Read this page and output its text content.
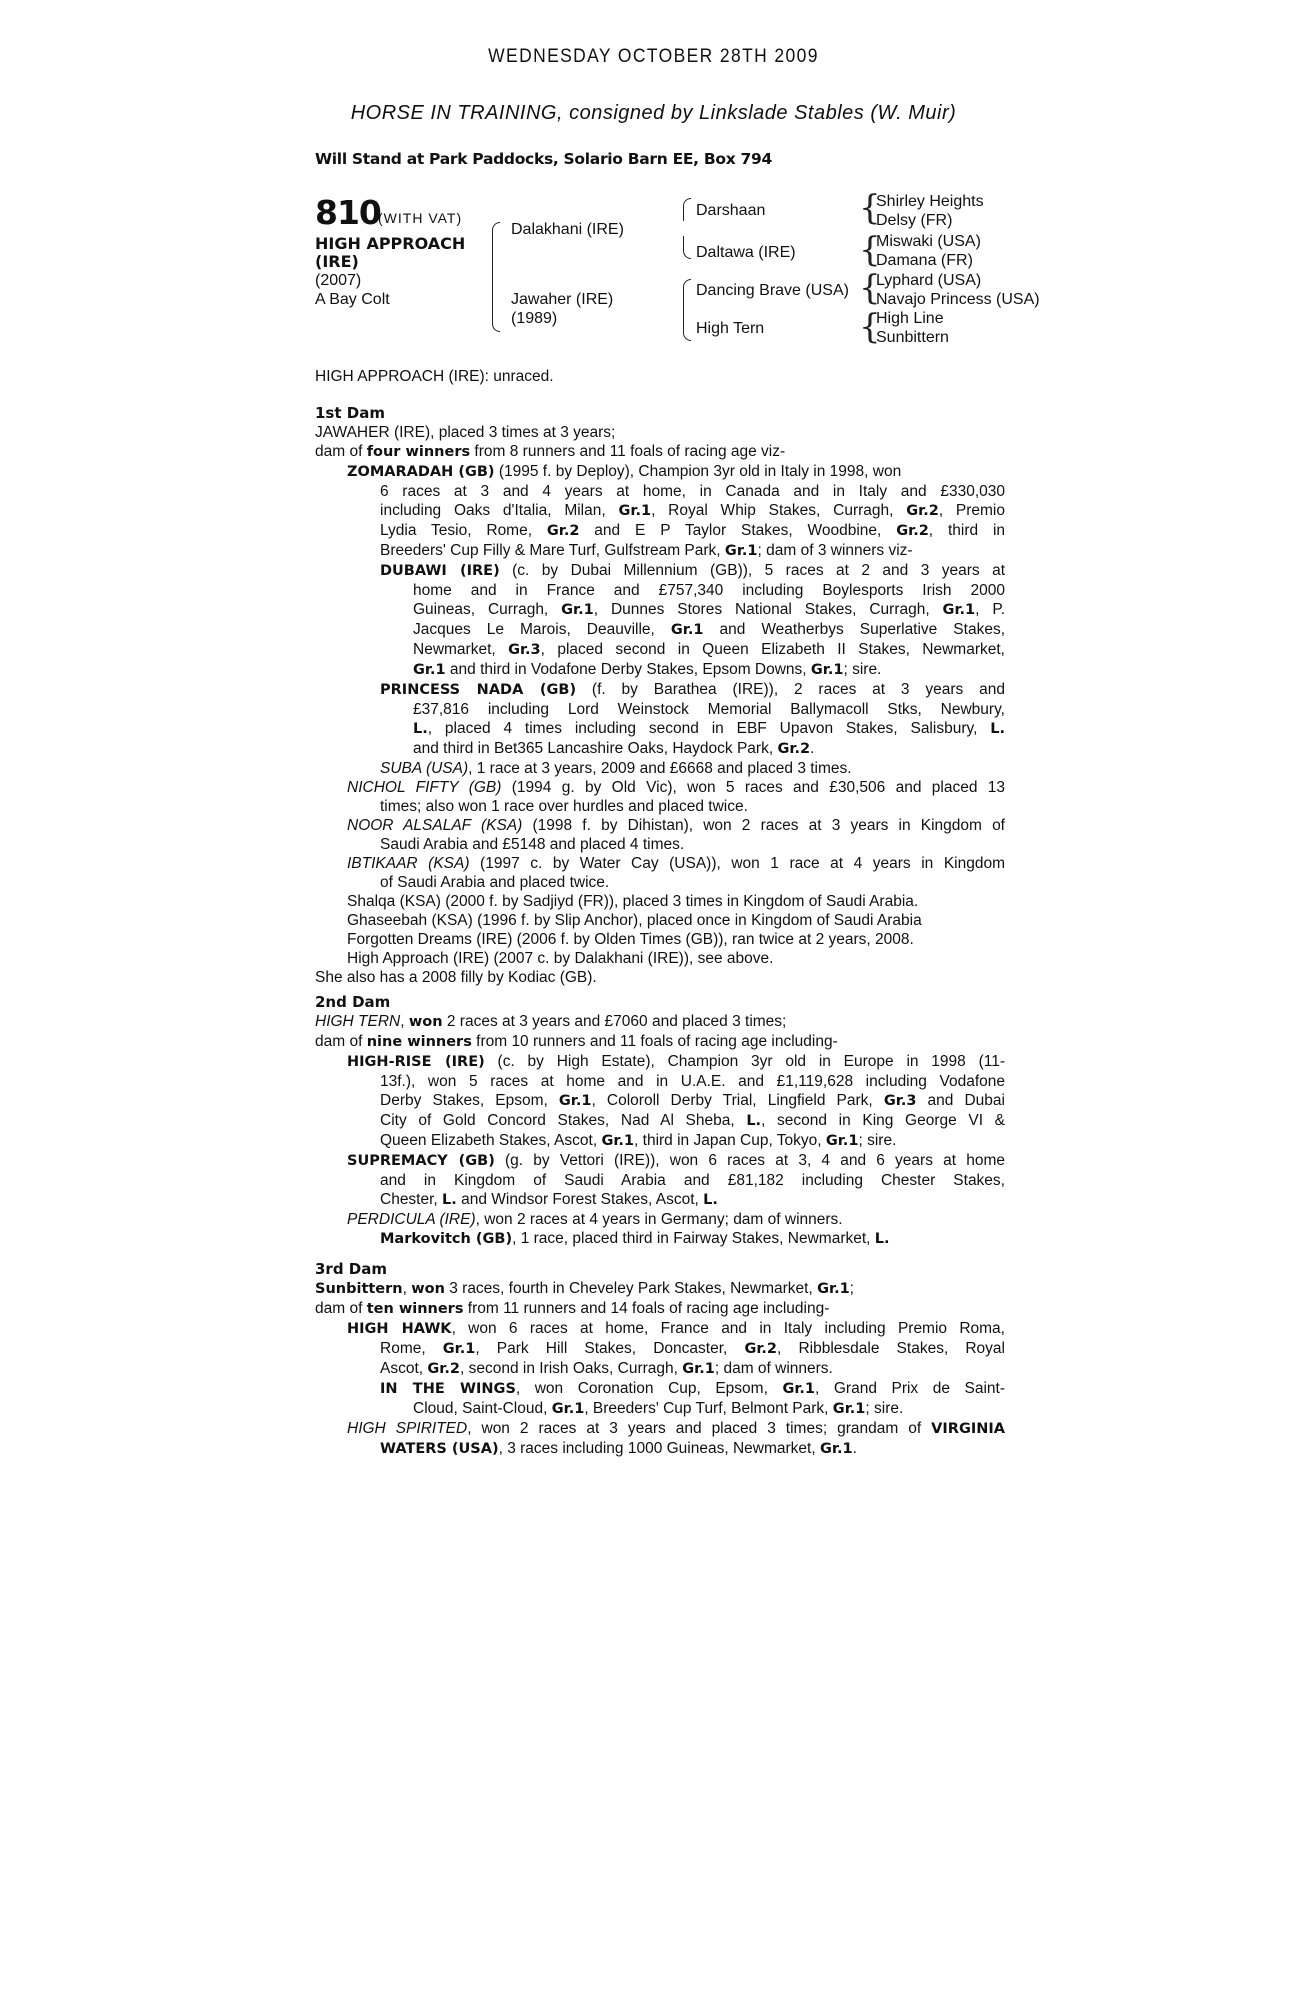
WEDNESDAY OCTOBER 28TH 2009
HORSE IN TRAINING, consigned by Linkslade Stables (W. Muir)
Will Stand at Park Paddocks, Solario Barn EE, Box 794
810
(WITH VAT)
HIGH APPROACH
(IRE)
(2007)
A Bay Colt
Dalakhani (IRE)
Jawaher (IRE)
(1989)
Darshaan
Daltawa (IRE)
Dancing Brave (USA)
High Tern
{
Shirley Heights
Delsy (FR)
{
Miswaki (USA)
Damana (FR)
{
Lyphard (USA)
Navajo Princess (USA)
{
High Line
Sunbittern
HIGH APPROACH (IRE): unraced.
1st Dam
JAWAHER (IRE), placed 3 times at 3 years;
dam of four winners from 8 runners and 11 foals of racing age viz-
ZOMARADAH (GB) (1995 f. by Deploy), Champion 3yr old in Italy in 1998, won
6 races at 3 and 4 years at home, in Canada and in Italy and £330,030
including Oaks d'Italia, Milan, Gr.1, Royal Whip Stakes, Curragh, Gr.2, Premio
Lydia Tesio, Rome, Gr.2 and E P Taylor Stakes, Woodbine, Gr.2, third in
Breeders' Cup Filly & Mare Turf, Gulfstream Park, Gr.1; dam of 3 winners viz-
DUBAWI (IRE) (c. by Dubai Millennium (GB)), 5 races at 2 and 3 years at
home and in France and £757,340 including Boylesports Irish 2000
Guineas, Curragh, Gr.1, Dunnes Stores National Stakes, Curragh, Gr.1, P.
Jacques Le Marois, Deauville, Gr.1 and Weatherbys Superlative Stakes,
Newmarket, Gr.3, placed second in Queen Elizabeth II Stakes, Newmarket,
Gr.1 and third in Vodafone Derby Stakes, Epsom Downs, Gr.1; sire.
PRINCESS NADA (GB) (f. by Barathea (IRE)), 2 races at 3 years and
£37,816 including Lord Weinstock Memorial Ballymacoll Stks, Newbury,
L., placed 4 times including second in EBF Upavon Stakes, Salisbury, L.
and third in Bet365 Lancashire Oaks, Haydock Park, Gr.2.
SUBA (USA), 1 race at 3 years, 2009 and £6668 and placed 3 times.
NICHOL FIFTY (GB) (1994 g. by Old Vic), won 5 races and £30,506 and placed 13
times; also won 1 race over hurdles and placed twice.
NOOR ALSALAF (KSA) (1998 f. by Dihistan), won 2 races at 3 years in Kingdom of
Saudi Arabia and £5148 and placed 4 times.
IBTIKAAR (KSA) (1997 c. by Water Cay (USA)), won 1 race at 4 years in Kingdom
of Saudi Arabia and placed twice.
Shalqa (KSA) (2000 f. by Sadjiyd (FR)), placed 3 times in Kingdom of Saudi Arabia.
Ghaseebah (KSA) (1996 f. by Slip Anchor), placed once in Kingdom of Saudi Arabia
Forgotten Dreams (IRE) (2006 f. by Olden Times (GB)), ran twice at 2 years, 2008.
High Approach (IRE) (2007 c. by Dalakhani (IRE)), see above.
She also has a 2008 filly by Kodiac (GB).
2nd Dam
HIGH TERN, won 2 races at 3 years and £7060 and placed 3 times;
dam of nine winners from 10 runners and 11 foals of racing age including-
HIGH-RISE (IRE) (c. by High Estate), Champion 3yr old in Europe in 1998 (11-
13f.), won 5 races at home and in U.A.E. and £1,119,628 including Vodafone
Derby Stakes, Epsom, Gr.1, Coloroll Derby Trial, Lingfield Park, Gr.3 and Dubai
City of Gold Concord Stakes, Nad Al Sheba, L., second in King George VI &
Queen Elizabeth Stakes, Ascot, Gr.1, third in Japan Cup, Tokyo, Gr.1; sire.
SUPREMACY (GB) (g. by Vettori (IRE)), won 6 races at 3, 4 and 6 years at home
and in Kingdom of Saudi Arabia and £81,182 including Chester Stakes,
Chester, L. and Windsor Forest Stakes, Ascot, L.
PERDICULA (IRE), won 2 races at 4 years in Germany; dam of winners.
Markovitch (GB), 1 race, placed third in Fairway Stakes, Newmarket, L.
3rd Dam
Sunbittern, won 3 races, fourth in Cheveley Park Stakes, Newmarket, Gr.1;
dam of ten winners from 11 runners and 14 foals of racing age including-
HIGH HAWK, won 6 races at home, France and in Italy including Premio Roma,
Rome, Gr.1, Park Hill Stakes, Doncaster, Gr.2, Ribblesdale Stakes, Royal
Ascot, Gr.2, second in Irish Oaks, Curragh, Gr.1; dam of winners.
IN THE WINGS, won Coronation Cup, Epsom, Gr.1, Grand Prix de Saint-
Cloud, Saint-Cloud, Gr.1, Breeders' Cup Turf, Belmont Park, Gr.1; sire.
HIGH SPIRITED, won 2 races at 3 years and placed 3 times; grandam of VIRGINIA
WATERS (USA), 3 races including 1000 Guineas, Newmarket, Gr.1.
